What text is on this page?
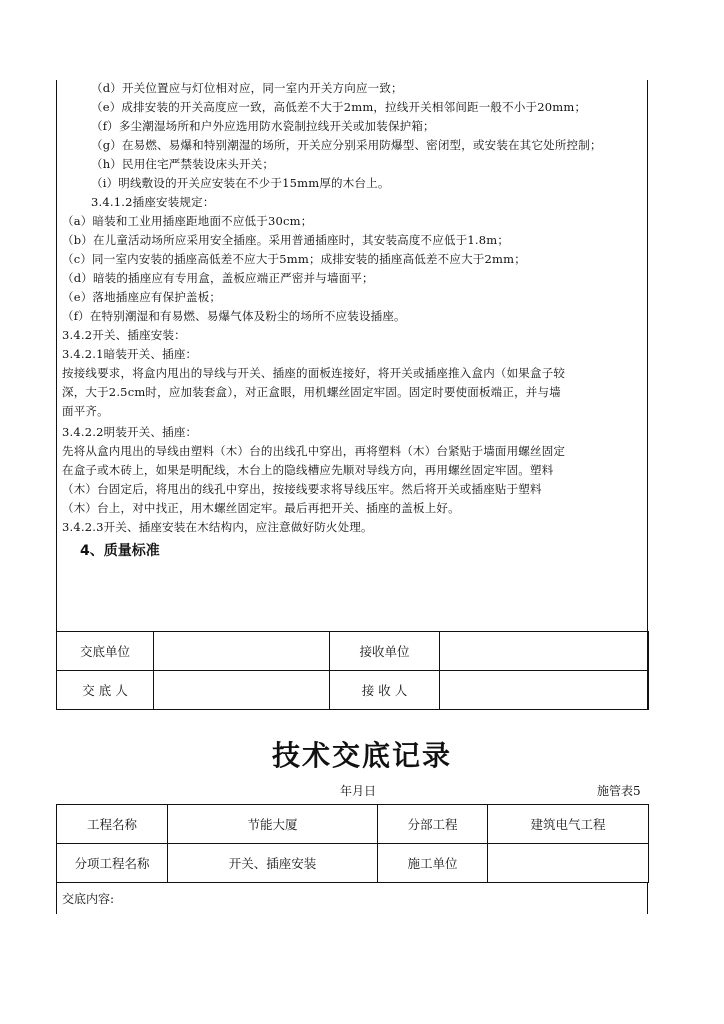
（d）开关位置应与灯位相对应，同一室内开关方向应一致；
（e）成排安装的开关高度应一致，高低差不大于2mm，拉线开关相邻间距一般不小于20mm；
（f）多尘潮湿场所和户外应选用防水瓷制拉线开关或加装保护箱；
（g）在易燃、易爆和特别潮湿的场所，开关应分别采用防爆型、密闭型，或安装在其它处所控制；
（h）民用住宅严禁装设床头开关；
（i）明线敷设的开关应安装在不少于15mm厚的木台上。
3.4.1.2插座安装规定：
（a）暗装和工业用插座距地面不应低于30cm；
（b）在儿童活动场所应采用安全插座。采用普通插座时，其安装高度不应低于1.8m；
（c）同一室内安装的插座高低差不应大于5mm；成排安装的插座高低差不应大于2mm；
（d）暗装的插座应有专用盒，盖板应端正严密并与墙面平；
（e）落地插座应有保护盖板；
（f）在特别潮湿和有易燃、易爆气体及粉尘的场所不应装设插座。
3.4.2开关、插座安装：
3.4.2.1暗装开关、插座：
按接线要求，将盒内甩出的导线与开关、插座的面板连接好，将开关或插座推入盒内（如果盒子较
深，大于2.5cm时，应加装套盒），对正盒眼，用机螺丝固定牢固。固定时要使面板端正，并与墙
面平齐。
3.4.2.2明装开关、插座：
先将从盒内甩出的导线由塑料（木）台的出线孔中穿出，再将塑料（木）台紧贴于墙面用螺丝固定
在盒子或木砖上，如果是明配线，木台上的隐线槽应先顺对导线方向，再用螺丝固定牢固。塑料
（木）台固定后，将甩出的线孔中穿出，按接线要求将导线压牢。然后将开关或插座贴于塑料
（木）台上，对中找正，用木螺丝固定牢。最后再把开关、插座的盖板上好。
3.4.2.3开关、插座安装在木结构内，应注意做好防火处理。
4、质量标准
交底单位		接收单位	
交 底 人		接 收 人	
技术交底记录
年月日	施管表5
工程名称	节能大厦	分部工程	建筑电气工程
分项工程名称	开关、插座安装	施工单位	
交底内容:
